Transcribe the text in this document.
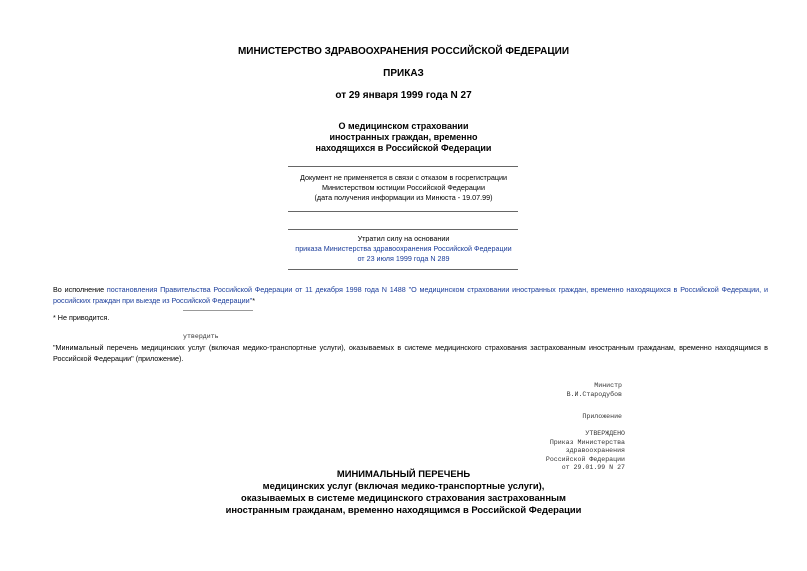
МИНИСТЕРСТВО ЗДРАВООХРАНЕНИЯ РОССИЙСКОЙ ФЕДЕРАЦИИ
ПРИКАЗ
от 29 января 1999 года N 27
О медицинском страховании
иностранных граждан, временно
находящихся в Российской Федерации
Документ не применяется в связи с отказом в госрегистрации
Министерством юстиции Российской Федерации
(дата получения информации из Минюста - 19.07.99)
Утратил силу на основании
приказа Министерства здравоохранения Российской Федерации
от 23 июля 1999 года N 289
Во исполнение постановления Правительства Российской Федерации от 11 декабря 1998 года N 1488 "О медицинском страховании иностранных граждан, временно находящихся в Российской Федерации, и российских граждан при выезде из Российской Федерации"*
* Не приводится.
утвердить
"Минимальный перечень медицинских услуг (включая медико-транспортные услуги), оказываемых в системе медицинского страхования застрахованным иностранным гражданам, временно находящимся в Российской Федерации" (приложение).
Министр
В.И.Стародубов
Приложение
УТВЕРЖДЕНО
Приказ Министерства
здравоохранения
Российской Федерации
от 29.01.99 N 27
МИНИМАЛЬНЫЙ ПЕРЕЧЕНЬ
медицинских услуг (включая медико-транспортные услуги),
оказываемых в системе медицинского страхования застрахованным
иностранным гражданам, временно находящимся в Российской Федерации
